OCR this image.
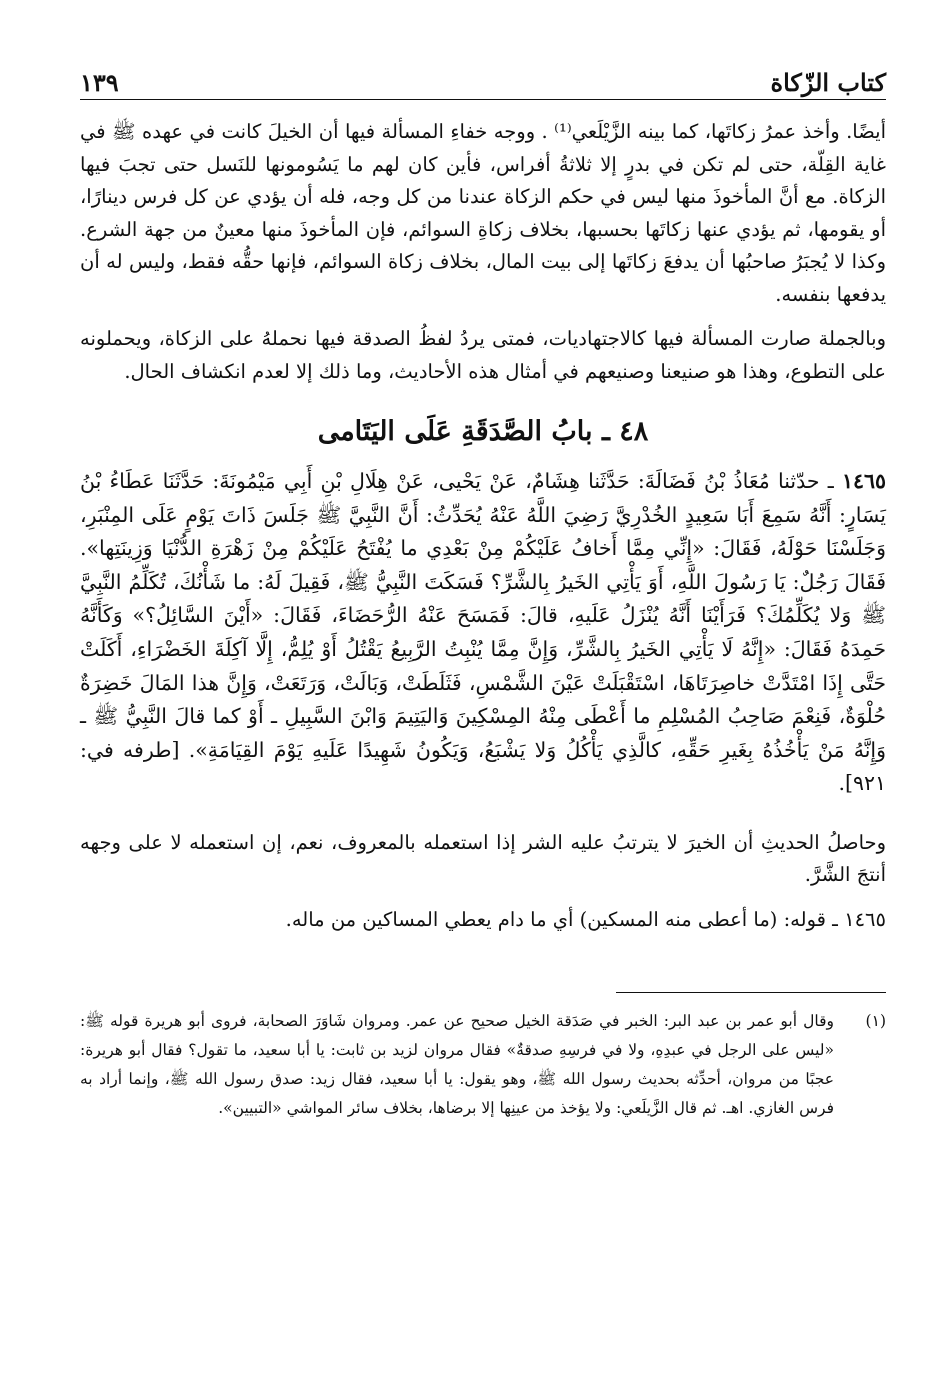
كتاب الزّكاة
١٣٩

أيضًا. وأخذ عمرُ زكاتَها، كما بينه الزَّيْلَعي⁽¹⁾ . ووجه خفاءِ المسألة فيها أن الخيلَ كانت في عهده ﷺ في غاية القِلّة، حتى لم تكن في بدرٍ إلا ثلاثةُ أفراس، فأين كان لهم ما يَسُومونها للنَسل حتى تجبَ فيها الزكاة. مع أنَّ المأخوذَ منها ليس في حكم الزكاة عندنا من كل وجه، فله أن يؤدي عن كل فرس دينارًا، أو يقومها، ثم يؤدي عنها زكاتَها بحسبها، بخلاف زكاةِ السوائم، فإن المأخوذَ منها معينٌ من جهة الشرع. وكذا لا يُجبَرُ صاحبُها أن يدفعَ زكاتَها إلى بيت المال، بخلاف زكاة السوائم، فإنها حقُّه فقط، وليس له أن يدفعها بنفسه.

وبالجملة صارت المسألة فيها كالاجتهاديات، فمتى يردُ لفظُ الصدقة فيها نحملهُ على الزكاة، ويحملونه على التطوع، وهذا هو صنيعنا وصنيعهم في أمثال هذه الأحاديث، وما ذلك إلا لعدم انكشاف الحال.

٤٨ ـ بابُ الصَّدَقَةِ عَلَى اليَتَامى

١٤٦٥ ـ حدّثنا مُعَاذُ بْنُ فَضَالَةَ: حَدَّثَنا هِشَامٌ، عَنْ يَحْيى، عَنْ هِلَالِ بْنِ أَبِي مَيْمُونَةَ: حَدَّثَنَا عَطَاءُ بْنُ يَسَارٍ: أَنَّهُ سَمِعَ أَبَا سَعِيدٍ الخُدْرِيَّ رَضِيَ اللَّهُ عَنْهُ يُحَدِّثُ: أَنَّ النَّبِيَّ ﷺ جَلَسَ ذَاتَ يَوْمٍ عَلَى المِنْبَرِ، وَجَلَسْنَا حَوْلَهُ، فَقَالَ: «إِنِّي مِمَّا أَخافُ عَلَيْكُمْ مِنْ بَعْدِي ما يُفْتَحُ عَلَيْكُمْ مِنْ زَهْرَةِ الدُّنْيَا وَزِينَتِها». فَقَالَ رَجُلٌ: يَا رَسُولَ اللَّهِ، أَوَ يَأْتِي الخَيرُ بِالشَّرِّ؟ فَسَكَتَ النَّبِيُّ ﷺ، فَقِيلَ لَهُ: ما شَأْنُكَ، تُكَلِّمُ النَّبِيَّ ﷺ وَلا يُكَلِّمُكَ؟ فَرَأَيْنَا أَنَّهُ يُنْزَلُ عَلَيهِ، قالَ: فَمَسَحَ عَنْهُ الرُّحَضَاءَ، فَقَالَ: «أَيْنَ السَّائِلُ؟» وَكَأَنَّهُ حَمِدَهُ فَقَالَ: «إِنَّهُ لَا يَأْتِي الخَيرُ بِالشَّرِّ، وَإِنَّ مِمَّا يُنْبِتُ الرَّبِيعُ يَقْتُلُ أَوْ يُلِمُّ، إِلَّا آكِلَةَ الخَضْرَاءِ، أَكَلَتْ حَتَّى إِذَا امْتَدَّتْ خاصِرَتَاهَا، اسْتَقْبَلَتْ عَيْنَ الشَّمْسِ، فَثَلَطَتْ، وَبَالَتْ، وَرَتَعَتْ، وَإِنَّ هذا المَالَ خَضِرَةٌ حُلْوَةٌ، فَنِعْمَ صَاحِبُ المُسْلِمِ ما أَعْطَى مِنْهُ المِسْكِينَ وَاليَتِيمَ وَابْنَ السَّبِيلِ ـ أَوْ كما قالَ النَّبِيُّ ﷺ ـ وَإِنَّهُ مَنْ يَأْخُذُهُ بِغَيرِ حَقِّهِ، كالَّذِي يَأْكُلُ وَلا يَشْبَعُ، وَيَكُونُ شَهِيدًا عَلَيهِ يَوْمَ القِيَامَةِ». [طرفه في: ٩٢١].

وحاصلُ الحديثِ أن الخيرَ لا يترتبُ عليه الشر إذا استعمله بالمعروف، نعم، إن استعمله لا على وجهه أنتجَ الشَّرَّ.

١٤٦٥ ـ قوله: (ما أعطى منه المسكين) أي ما دام يعطي المساكين من ماله.

(١)
وقال أبو عمر بن عبد البر: الخبر في صَدَقة الخيل صحيح عن عمر. ومروان شَاوَرَ الصحابة، فروى أبو هريرة قوله ﷺ: «ليس على الرجل في عبدِهِ، ولا في فرسِهِ صدقةٌ» فقال مروان لزيد بن ثابت: يا أبا سعيد، ما تقول؟ فقال أبو هريرة: عجبًا من مروان، أحدِّثه بحديث رسول الله ﷺ، وهو يقول: يا أبا سعيد، فقال زيد: صدق رسول الله ﷺ، وإنما أراد به فرس الغازي. اهـ. ثم قال الزَّيلَعي: ولا يؤخذ من عينِها إلا برضاها، بخلاف سائر المواشي «التبيين».
